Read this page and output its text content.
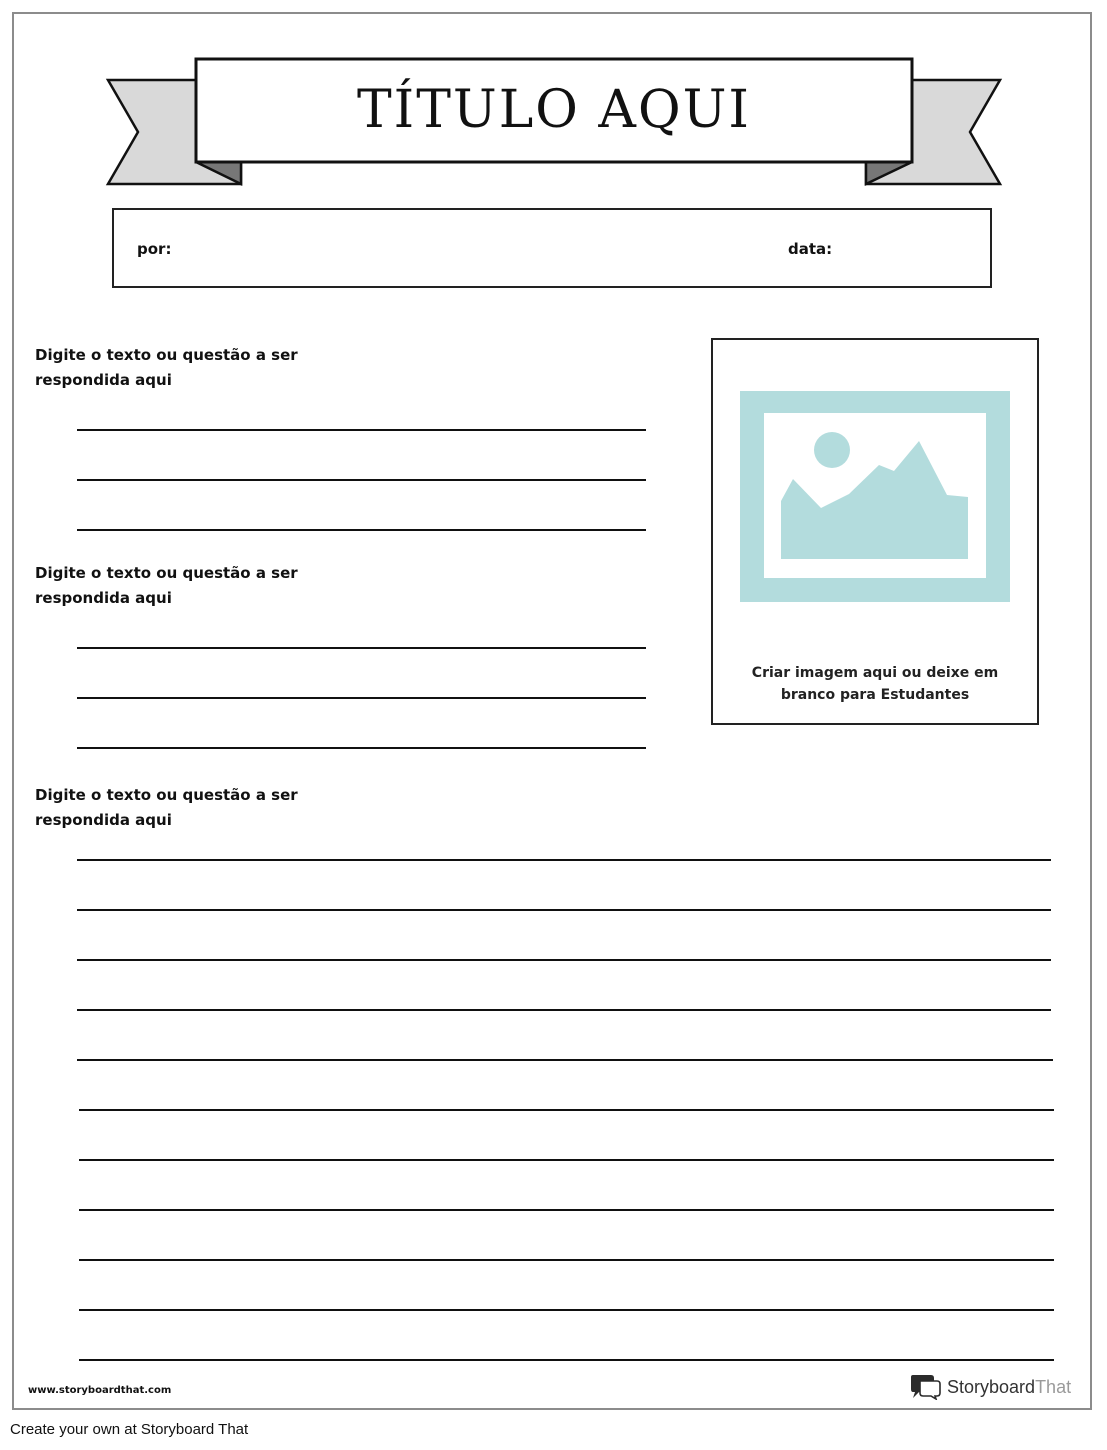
TÍTULO AQUI
por:	data:
Digite o texto ou questão a ser
respondida aqui
Digite o texto ou questão a ser
respondida aqui
Criar imagem aqui ou deixe em
branco para Estudantes
Digite o texto ou questão a ser
respondida aqui
www.storyboardthat.com	StoryboardThat
Create your own at Storyboard That
